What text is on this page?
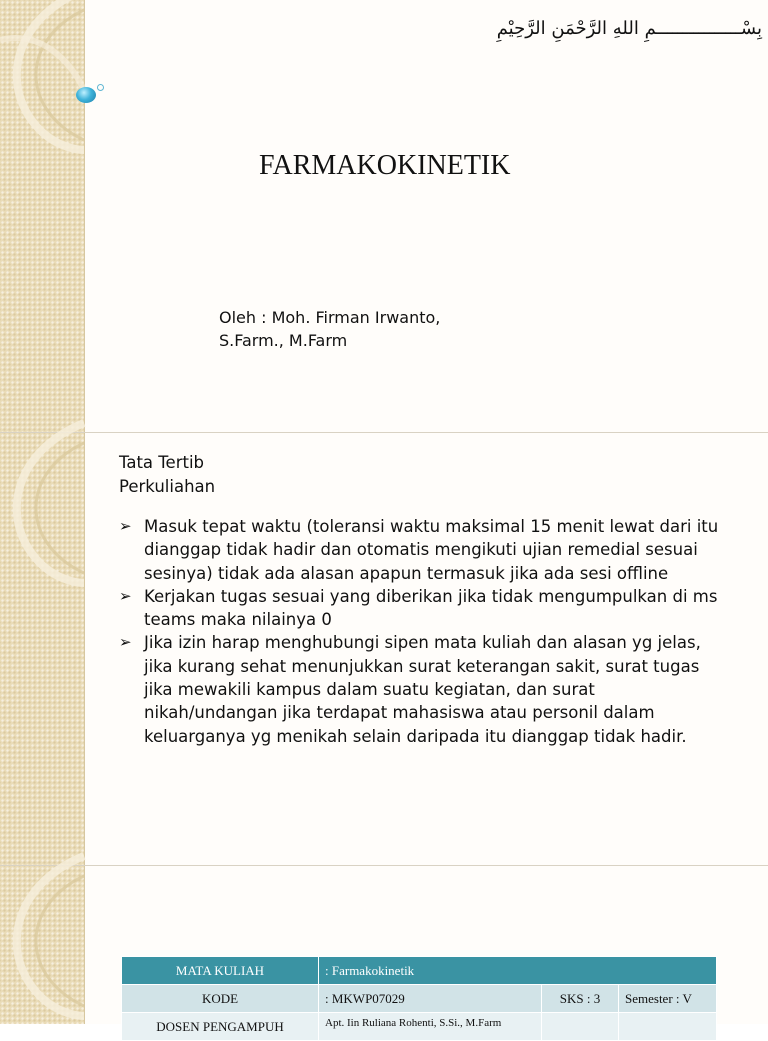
بِسْــــــــــــــــمِ اللهِ الرَّحْمَنِ الرَّحِيْمِ
FARMAKOKINETIK
Oleh : Moh. Firman Irwanto,
S.Farm., M.Farm
Tata Tertib
Perkuliahan
➢ Masuk tepat waktu (toleransi waktu maksimal 15 menit lewat dari itu dianggap tidak hadir dan otomatis mengikuti ujian remedial sesuai sesinya) tidak ada alasan apapun termasuk jika ada sesi offline
➢ Kerjakan tugas sesuai yang diberikan jika tidak mengumpulkan di ms teams maka nilainya 0
➢ Jika izin harap menghubungi sipen mata kuliah dan alasan yg jelas, jika kurang sehat menunjukkan surat keterangan sakit, surat tugas jika mewakili kampus dalam suatu kegiatan, dan surat nikah/undangan jika terdapat mahasiswa atau personil dalam keluarganya yg menikah selain daripada itu dianggap tidak hadir.
MATA KULIAH	: Farmakokinetik		
KODE	: MKWP07029	SKS : 3	Semester : V
DOSEN PENGAMPUH	Apt. Iin Ruliana Rohenti, S.Si., M.Farm		
